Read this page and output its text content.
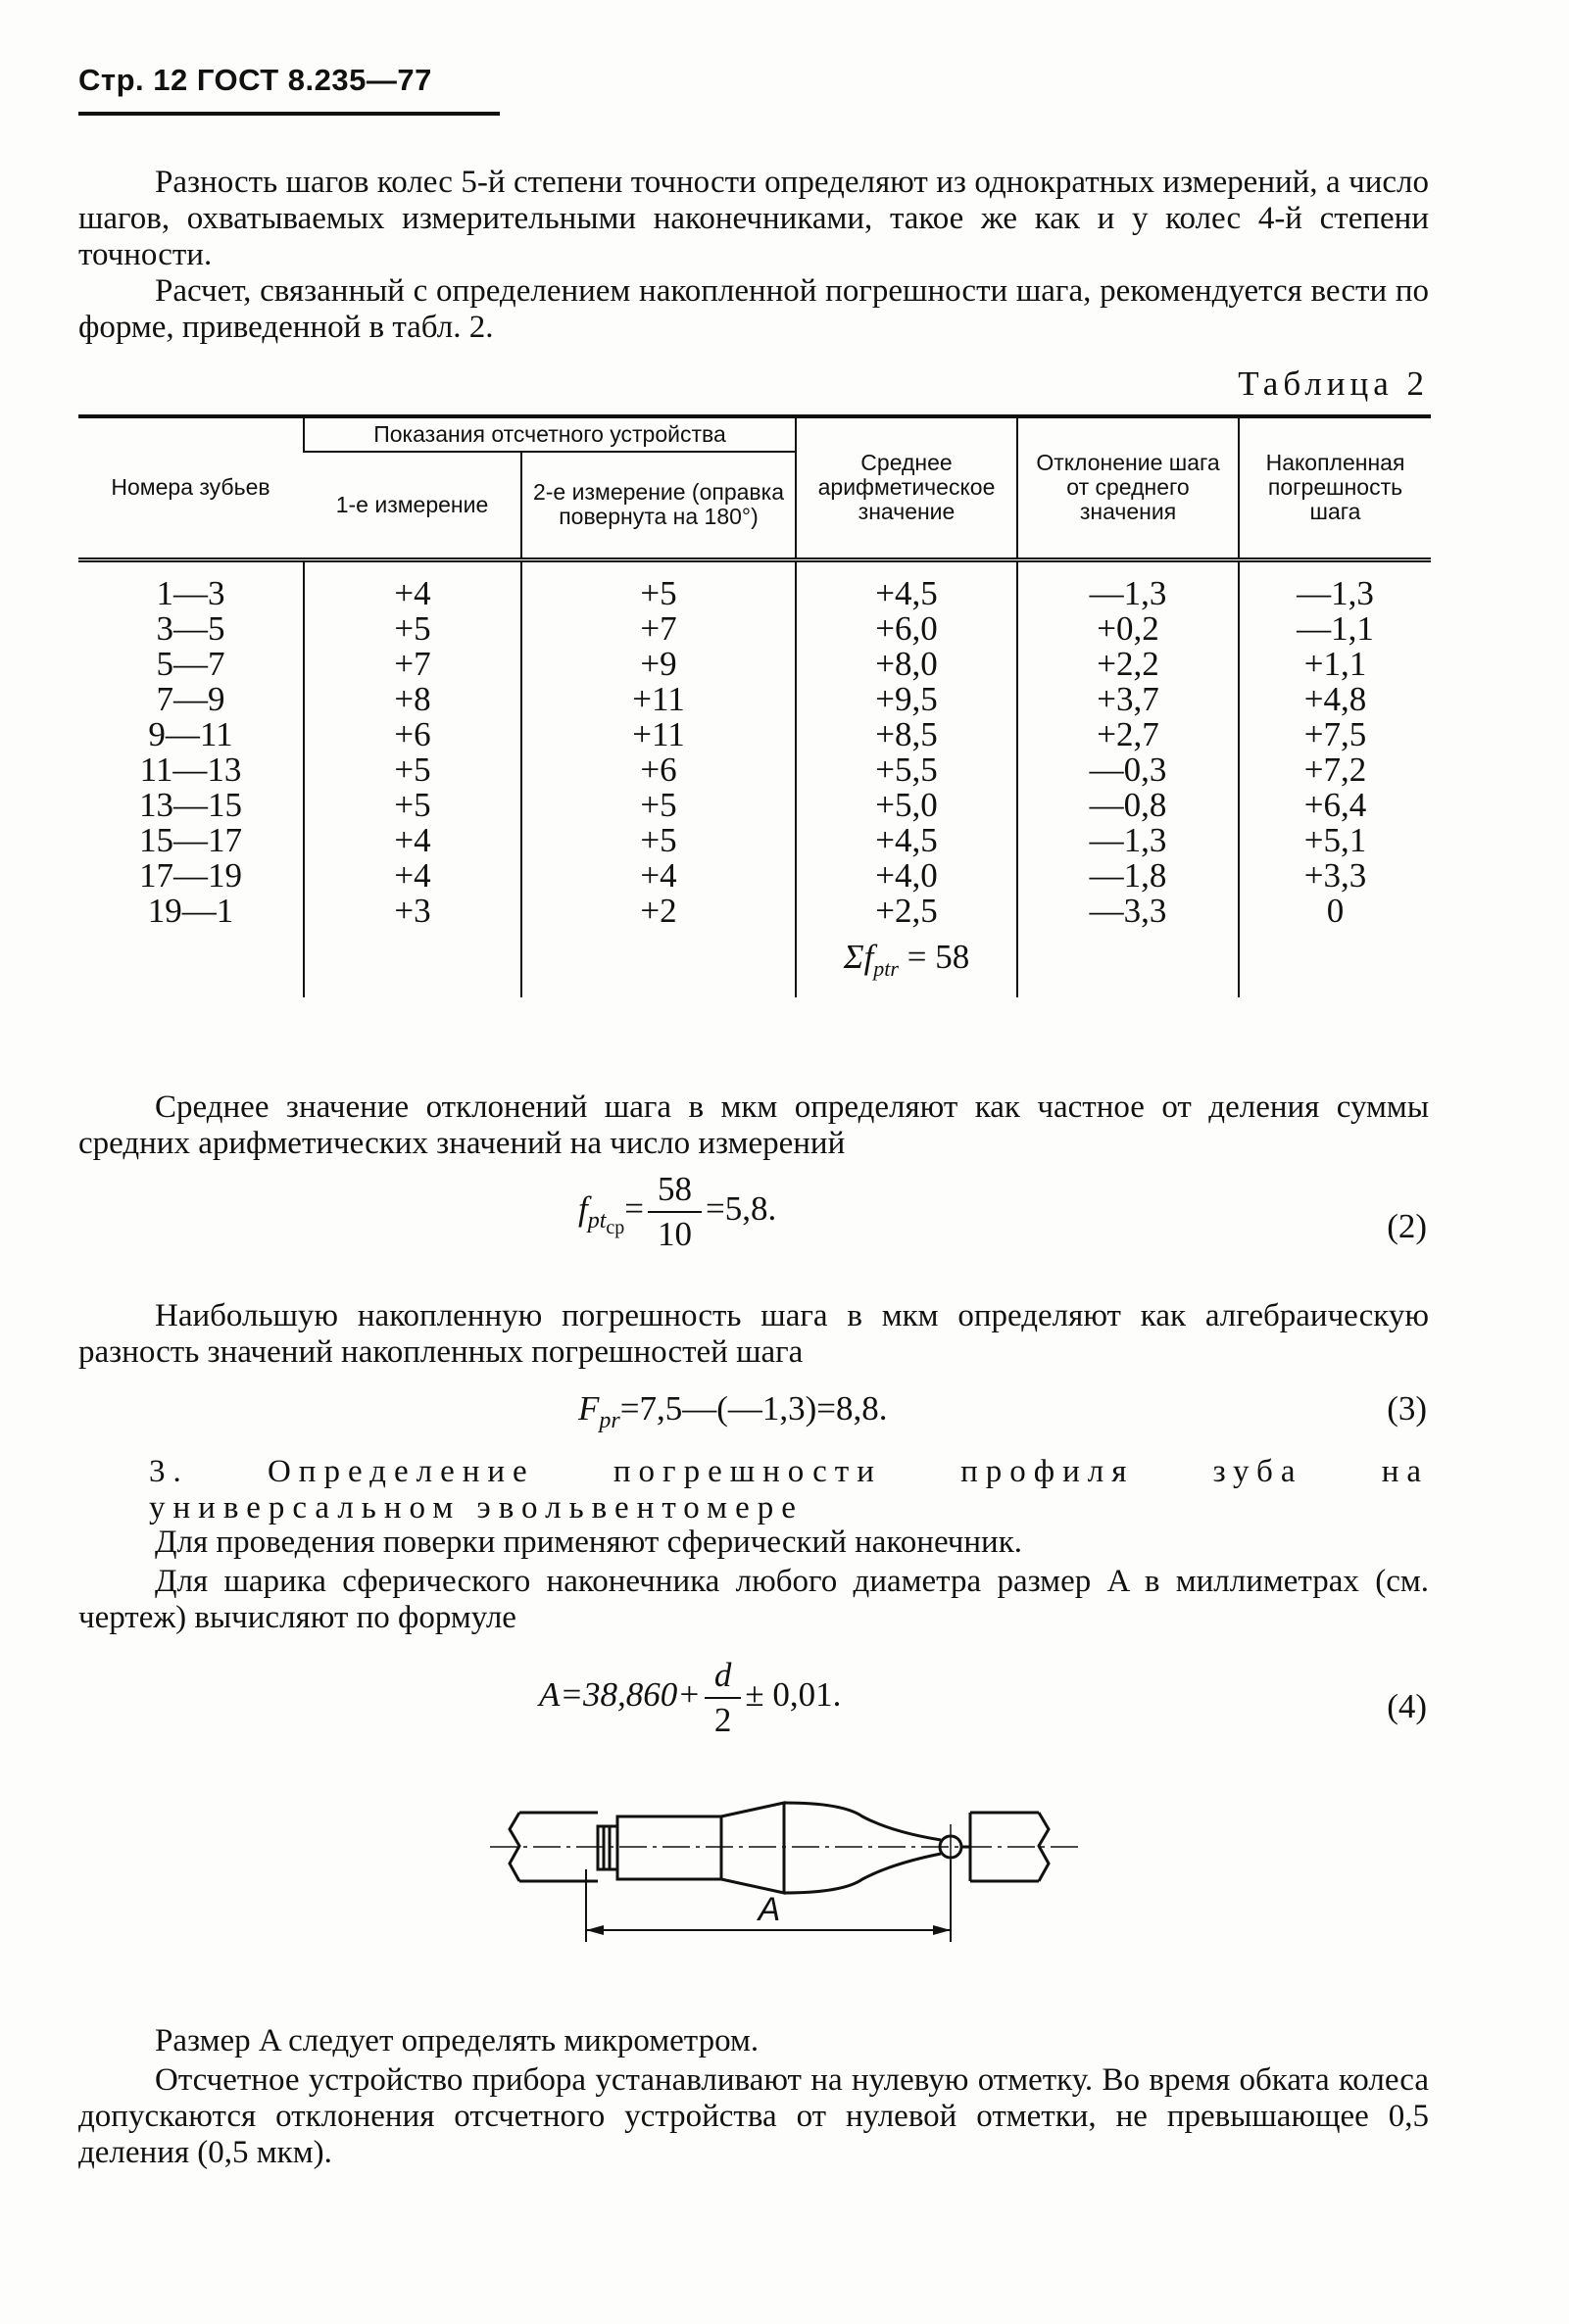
Стр. 12 ГОСТ 8.235—77

Разность шагов колес 5-й степени точности определяют из однократных измерений, а число шагов, охватываемых измерительными наконечниками, такое же как и у колес 4-й степени точности.

Расчет, связанный с определением накопленной погрешности шага, рекомендуется вести по форме, приведенной в табл. 2.

Таблица 2
Номера зубьев	Показания отсчетного устройства		Среднее арифметическое значение	Отклонение шага от среднего значения	Накопленная погрешность шага
	1-е измерение	2-е измерение (оправка повернута на 180°)			
1—3	+4	+5	+4,5	—1,3	—1,3
3—5	+5	+7	+6,0	+0,2	—1,1
5—7	+7	+9	+8,0	+2,2	+1,1
7—9	+8	+11	+9,5	+3,7	+4,8
9—11	+6	+11	+8,5	+2,7	+7,5
11—13	+5	+6	+5,5	—0,3	+7,2
13—15	+5	+5	+5,0	—0,8	+6,4
15—17	+4	+5	+4,5	—1,3	+5,1
17—19	+4	+4	+4,0	—1,8	+3,3
19—1	+3	+2	+2,5	—3,3	0
			$\Sigma f_{ptr} = 58$		

Среднее значение отклонений шага в мкм определяют как частное от деления суммы средних арифметических значений на число измерений

$f_{pt_{ср}}= \frac{58}{10} =5,8$.	(2)

Наибольшую накопленную погрешность шага в мкм определяют как алгебраическую разность значений накопленных погрешностей шага

$F_{pr}=7,5—(—1,3)=8,8$.	(3)

3. Определение погрешности профиля зуба на универсальном эвольвентомере

Для проведения поверки применяют сферический наконечник.

Для шарика сферического наконечника любого диаметра размер A в миллиметрах (см. чертеж) вычисляют по формуле

$A=38,860+ \frac{d}{2} \pm 0,01$.	(4)
A

Размер A следует определять микрометром.

Отсчетное устройство прибора устанавливают на нулевую отметку. Во время обката колеса допускаются отклонения отсчетного устройства от нулевой отметки, не превышающее 0,5 деления (0,5 мкм).
